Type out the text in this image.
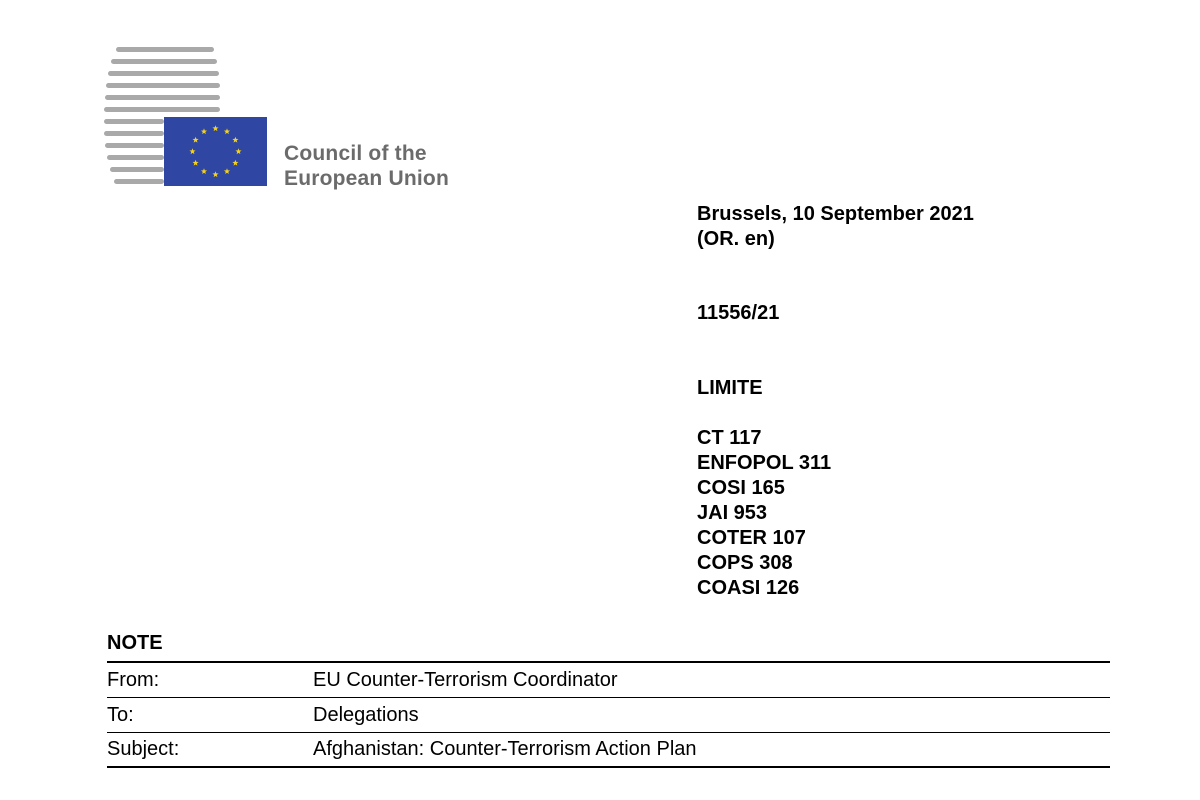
Council of the
European Union
Brussels, 10 September 2021
(OR. en)
11556/21
LIMITE
CT 117
ENFOPOL 311
COSI 165
JAI 953
COTER 107
COPS 308
COASI 126
NOTE
From:	EU Counter-Terrorism Coordinator
To:	Delegations
Subject:	Afghanistan: Counter-Terrorism Action Plan
